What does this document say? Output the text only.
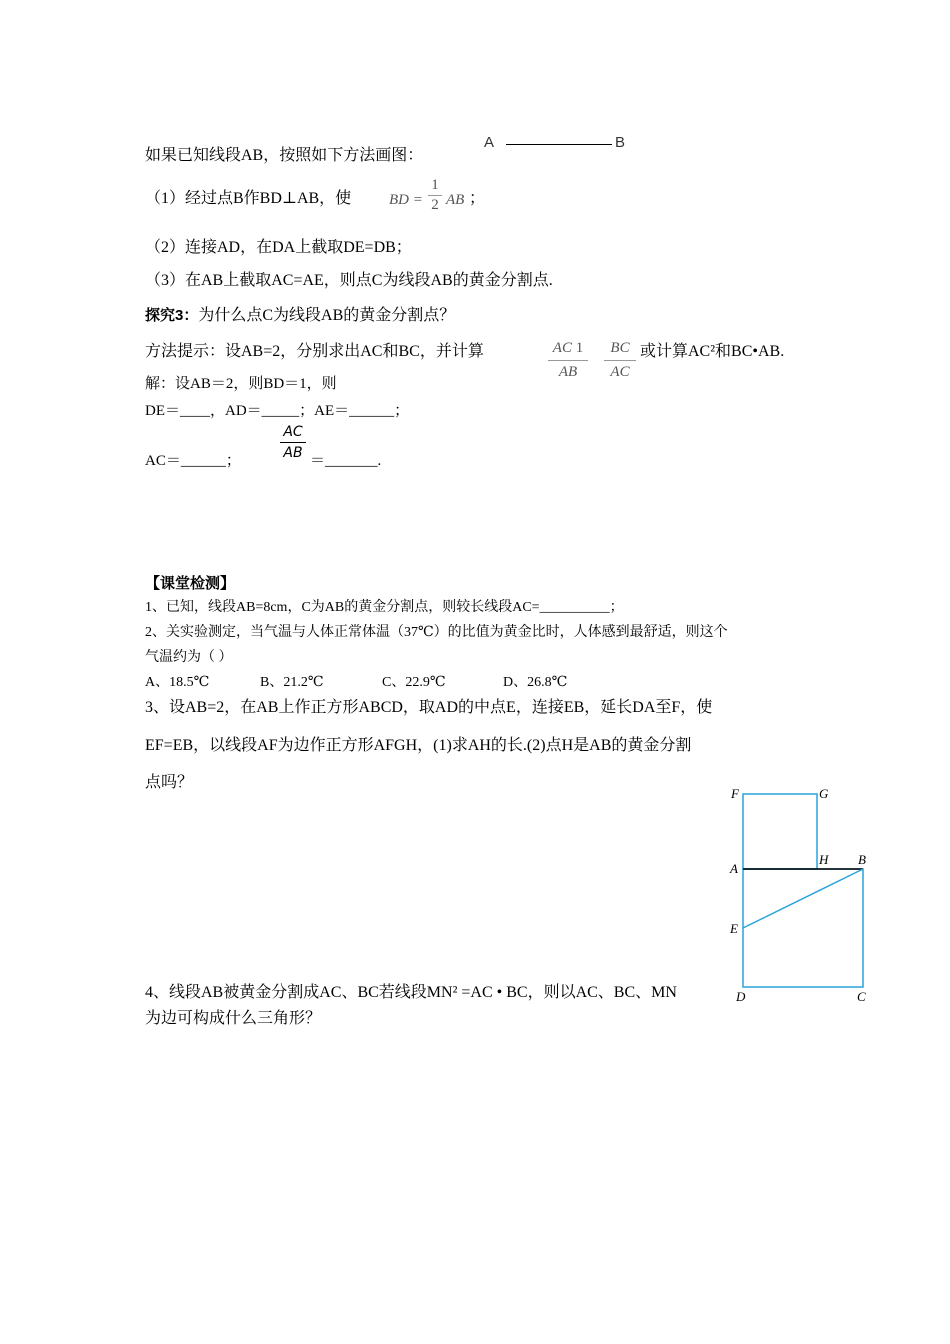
如果已知线段AB，按照如下方法画图：
A	B
（1）经过点B作BD⊥AB，使	BD =
1
2 AB ；
（2）连接AD，在DA上截取DE=DB；
（3）在AB上截取AC=AE，则点C为线段AB的黄金分割点.
探究3：为什么点C为线段AB的黄金分割点？
方法提示：设AB=2，分别求出AC和BC，并计算	AC 1
AB
BC
AC
或计算AC²和BC•AB.
解：设AB＝2，则BD＝1，则
DE＝____，AD＝_____；AE＝______；
AC＝______；
AC
AB ＝_______.
【课堂检测】
1、已知，线段AB=8cm，C为AB的黄金分割点，则较长线段AC=__________；
2、关实验测定，当气温与人体正常体温（37℃）的比值为黄金比时，人体感到最舒适，则这个
气温约为（ ）
A、18.5℃	B、21.2℃	C、22.9℃	D、26.8℃
3、设AB=2，在AB上作正方形ABCD，取AD的中点E，连接EB，延长DA至F，使
EF=EB，以线段AF为边作正方形AFGH，(1)求AH的长.(2)点H是AB的黄金分割
点吗？
4、线段AB被黄金分割成AC、BC若线段MN² =AC • BC，则以AC、BC、MN
为边可构成什么三角形？
F	G
A
H B
E
D	C
